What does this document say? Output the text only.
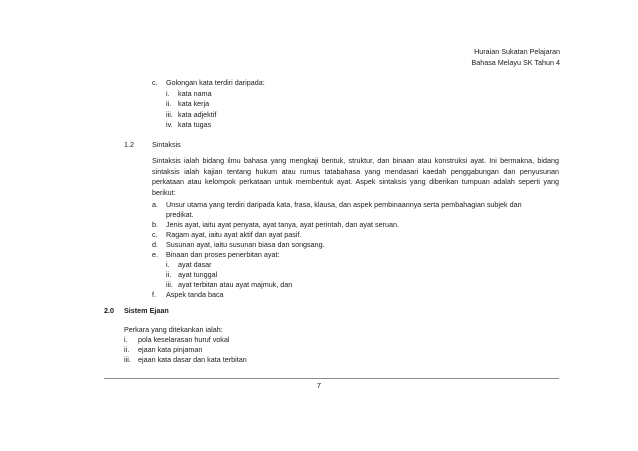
Huraian Sukatan Pelajaran
Bahasa Melayu SK Tahun 4
c. Golongan kata terdiri daripada:
i. kata nama
ii. kata kerja
iii. kata adjektif
iv. kata tugas
1.2	Sintaksis
Sintaksis ialah bidang ilmu bahasa yang mengkaji bentuk, struktur, dan binaan atau konstruksi ayat. Ini bermakna, bidang sintaksis ialah kajian tentang hukum atau rumus tatabahasa yang mendasari kaedah penggabungan dan penyusunan perkataan atau kelompok perkataan untuk membentuk ayat. Aspek sintaksis yang diberikan tumpuan adalah seperti yang berikut:
a. Unsur utama yang terdiri daripada kata, frasa, klausa, dan aspek pembinaannya serta pembahagian subjek dan
predikat.
b. Jenis ayat, iaitu ayat penyata, ayat tanya, ayat perintah, dan ayat seruan.
c. Ragam ayat, iaitu ayat aktif dan ayat pasif.
d. Susunan ayat, iaitu susunan biasa dan songsang.
e. Binaan dan proses penerbitan ayat:
i. ayat dasar
ii. ayat tunggal
iii. ayat terbitan atau ayat majmuk, dan
f. Aspek tanda baca
2.0 Sistem Ejaan
Perkara yang ditekankan ialah:
i. pola keselarasan huruf vokal
ii. ejaan kata pinjaman
iii. ejaan kata dasar dan kata terbitan
7
